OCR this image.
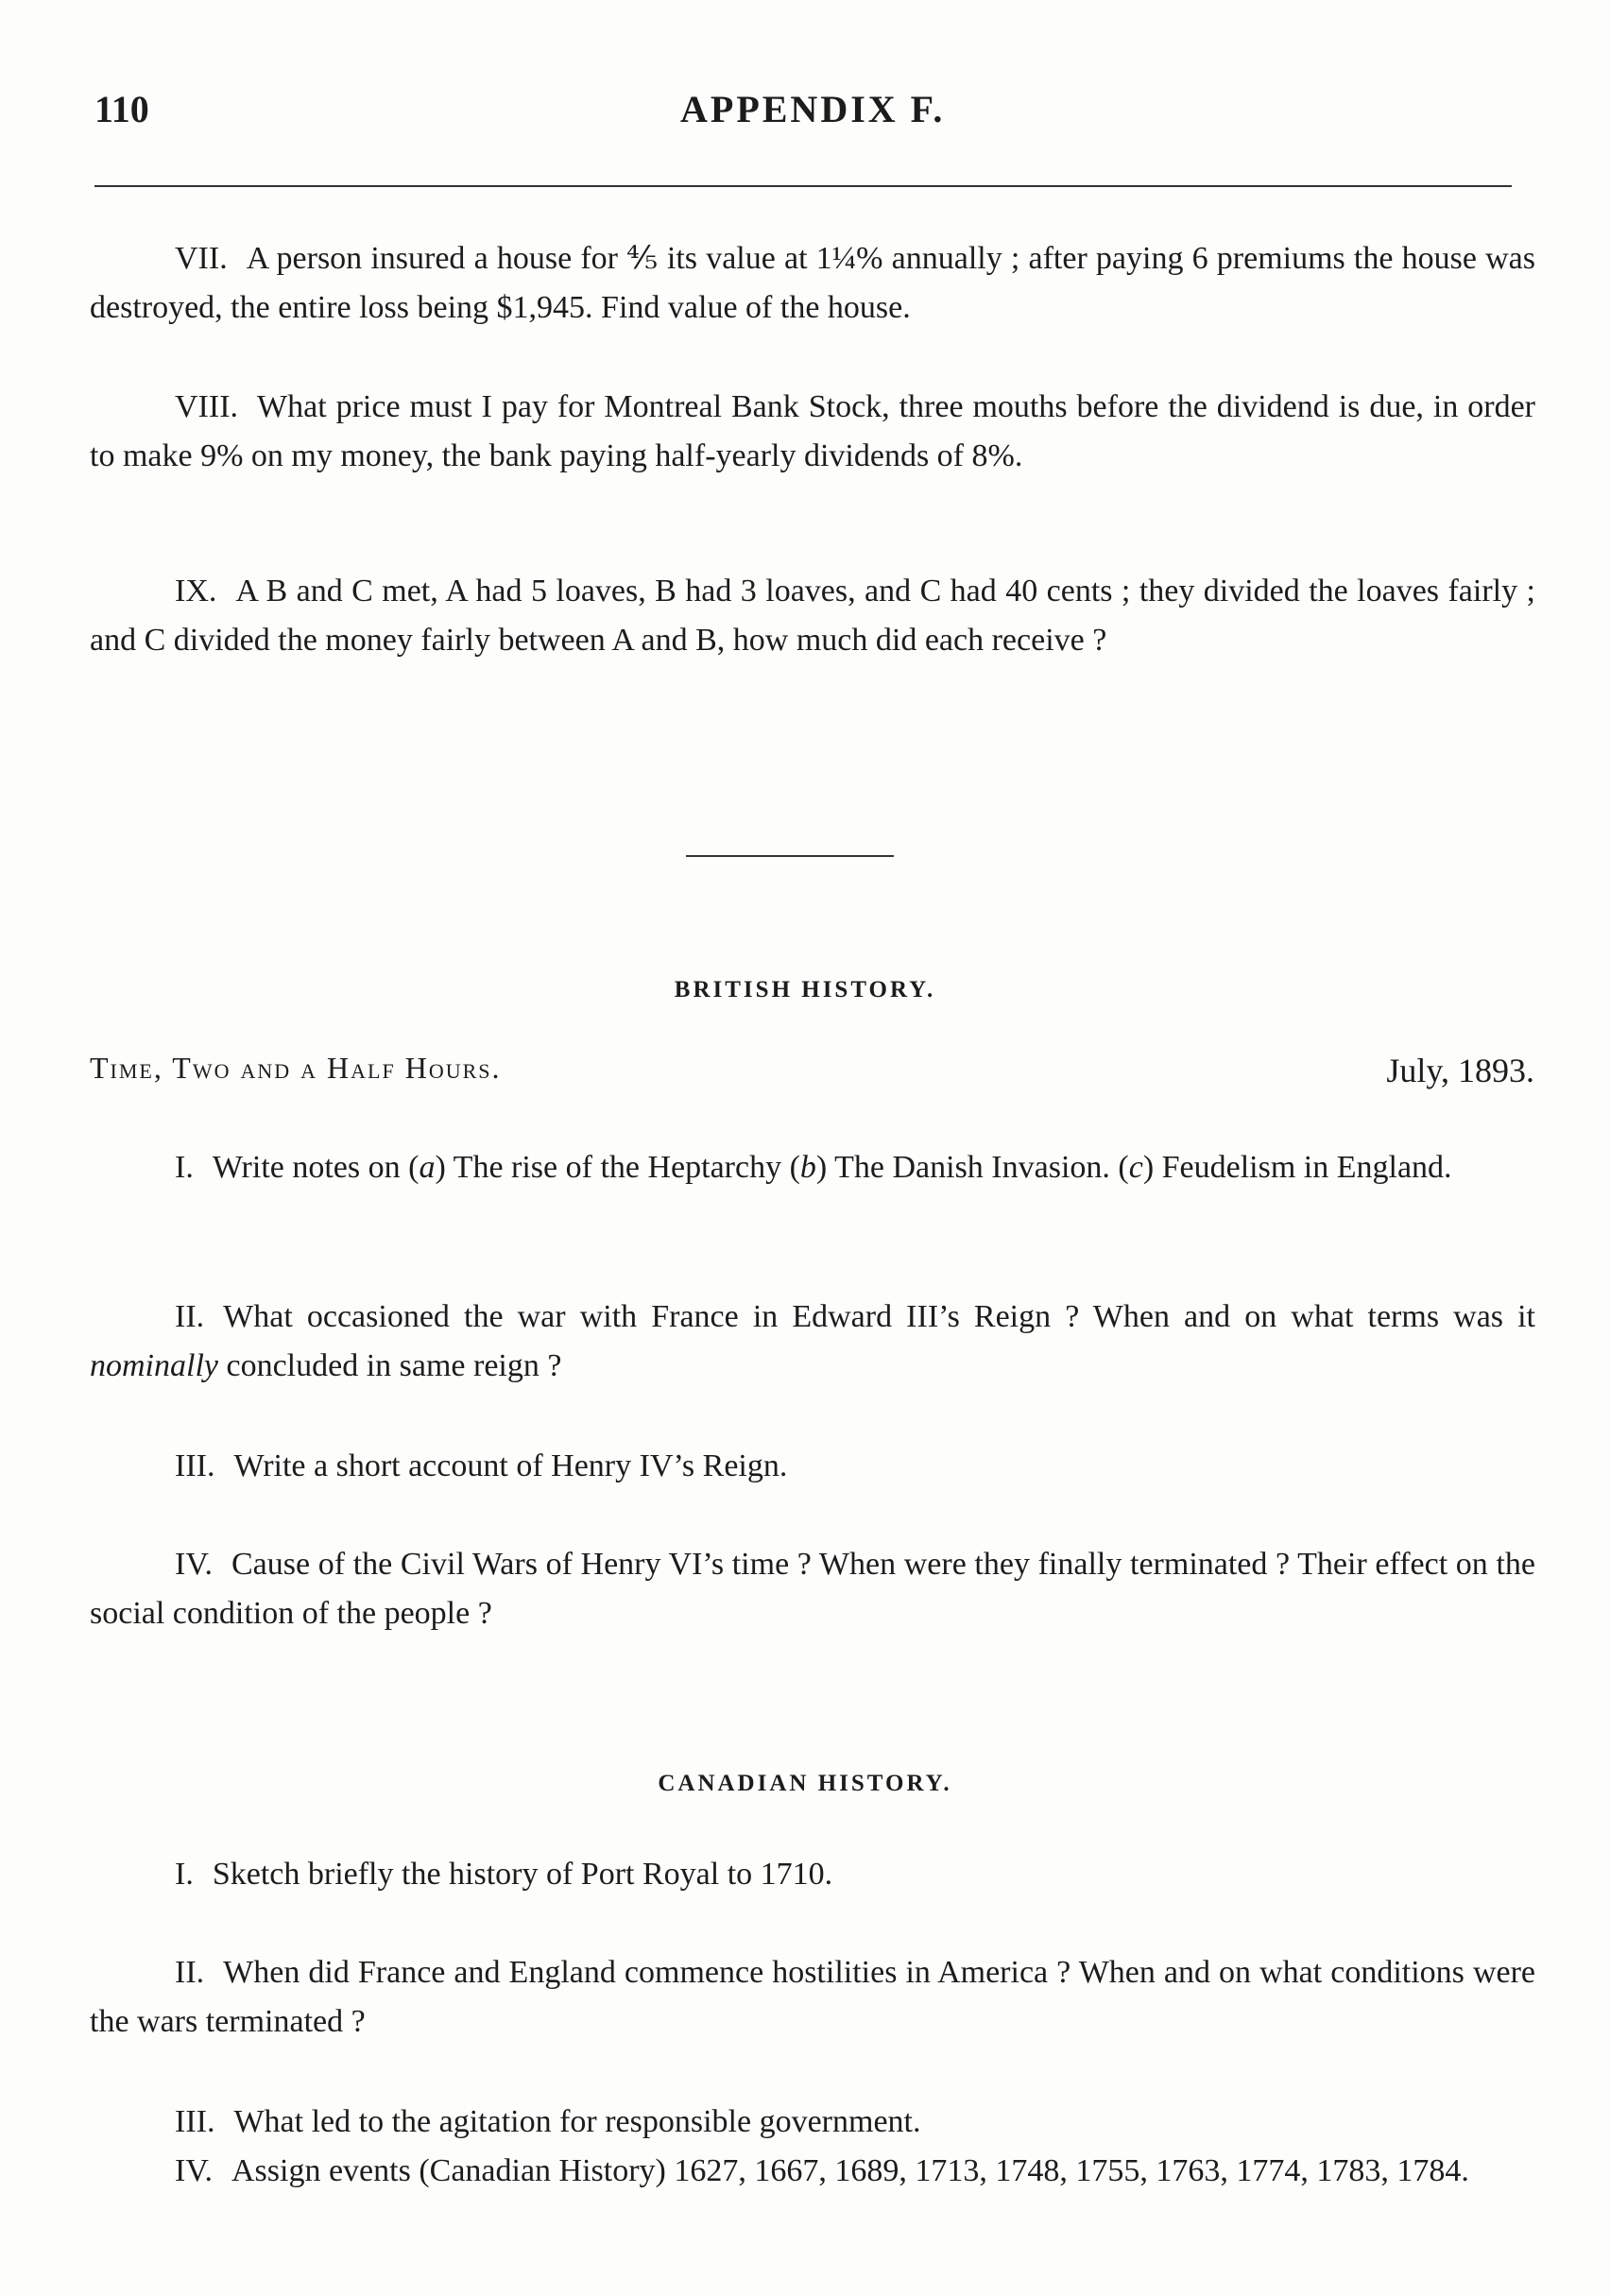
110	APPENDIX F.
VII. A person insured a house for ⅘ its value at 1¼% annually ; after paying 6 premiums the house was destroyed, the entire loss being $1,945. Find value of the house.
VIII. What price must I pay for Montreal Bank Stock, three mouths before the dividend is due, in order to make 9% on my money, the bank paying half-yearly dividends of 8%.
IX. A B and C met, A had 5 loaves, B had 3 loaves, and C had 40 cents ; they divided the loaves fairly ; and C divided the money fairly between A and B, how much did each receive ?
BRITISH HISTORY.
Time, Two and a Half Hours.	July, 1893.
I. Write notes on (a) The rise of the Heptarchy (b) The Danish Invasion. (c) Feudelism in England.
II. What occasioned the war with France in Edward III’s Reign ? When and on what terms was it nominally concluded in same reign ?
III. Write a short account of Henry IV’s Reign.
IV. Cause of the Civil Wars of Henry VI’s time ? When were they finally terminated ? Their effect on the social condition of the people ?
CANADIAN HISTORY.
I. Sketch briefly the history of Port Royal to 1710.
II. When did France and England commence hostilities in America ? When and on what conditions were the wars terminated ?
III. What led to the agitation for responsible government.
IV. Assign events (Canadian History) 1627, 1667, 1689, 1713, 1748, 1755, 1763, 1774, 1783, 1784.
